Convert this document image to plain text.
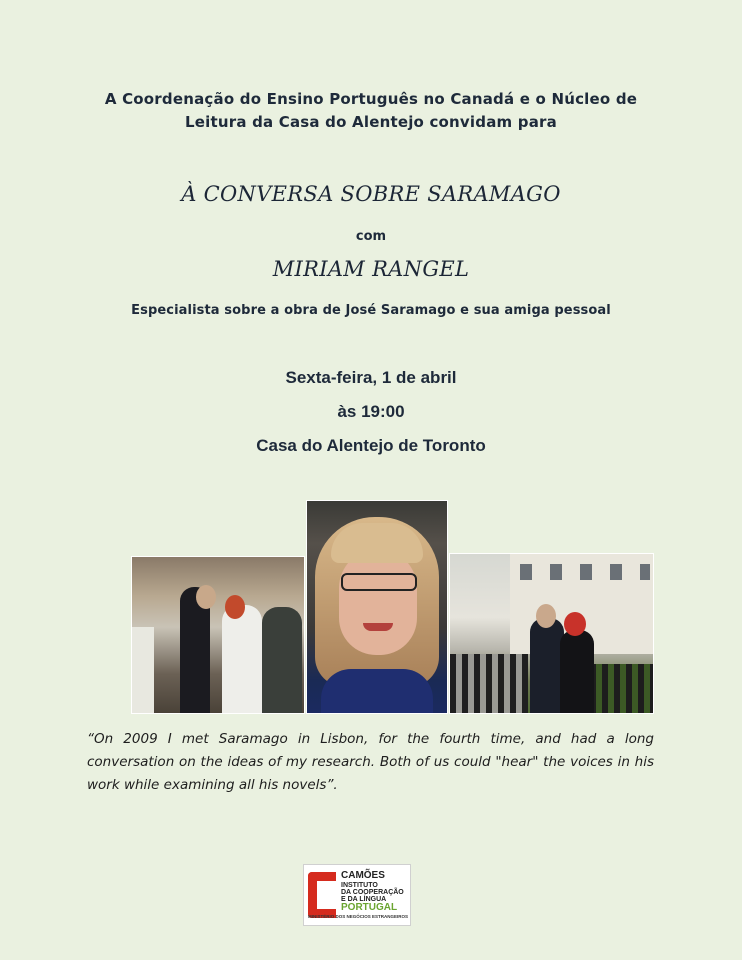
A Coordenação do Ensino Português no Canadá e o Núcleo de
Leitura da Casa do Alentejo convidam para
À CONVERSA SOBRE SARAMAGO
com
MIRIAM RANGEL
Especialista sobre a obra de José Saramago e sua amiga pessoal
Sexta-feira, 1 de abril
às 19:00
Casa do Alentejo de Toronto
“On 2009 I met Saramago in Lisbon, for the fourth time, and had a long conversation on the ideas of my research. Both of us could "hear" the voices in his work while examining all his novels”.
CAMÕES
INSTITUTO
DA COOPERAÇÃO
E DA LÍNGUA
PORTUGAL
MINISTÉRIO DOS NEGÓCIOS ESTRANGEIROS
